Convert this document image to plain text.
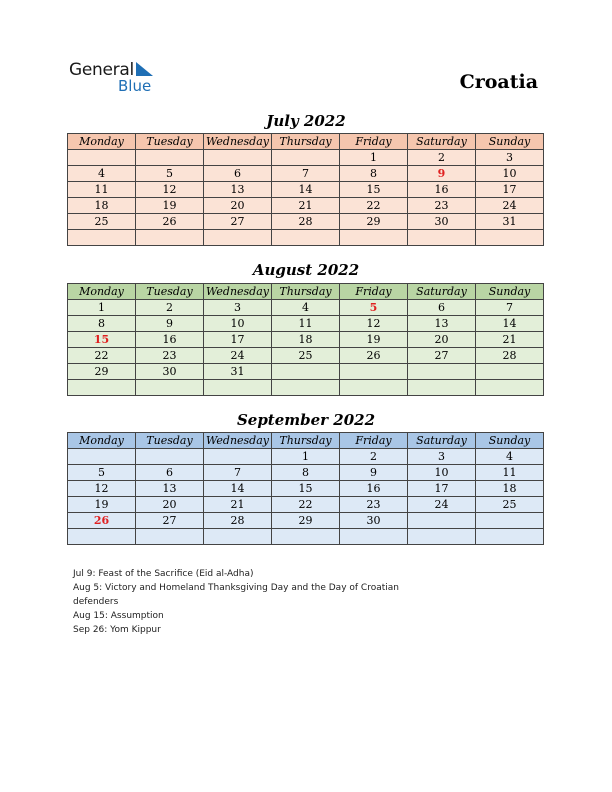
General
Blue	Croatia
July 2022
Monday	Tuesday	Wednesday	Thursday	Friday	Saturday	Sunday
				1	2	3
4	5	6	7	8	9	10
11	12	13	14	15	16	17
18	19	20	21	22	23	24
25	26	27	28	29	30	31

August 2022
Monday	Tuesday	Wednesday	Thursday	Friday	Saturday	Sunday
1	2	3	4	5	6	7
8	9	10	11	12	13	14
15	16	17	18	19	20	21
22	23	24	25	26	27	28
29	30	31				

September 2022
Monday	Tuesday	Wednesday	Thursday	Friday	Saturday	Sunday
			1	2	3	4
5	6	7	8	9	10	11
12	13	14	15	16	17	18
19	20	21	22	23	24	25
26	27	28	29	30		

Jul 9: Feast of the Sacrifice (Eid al-Adha)
Aug 5: Victory and Homeland Thanksgiving Day and the Day of Croatian defenders
Aug 15: Assumption
Sep 26: Yom Kippur
